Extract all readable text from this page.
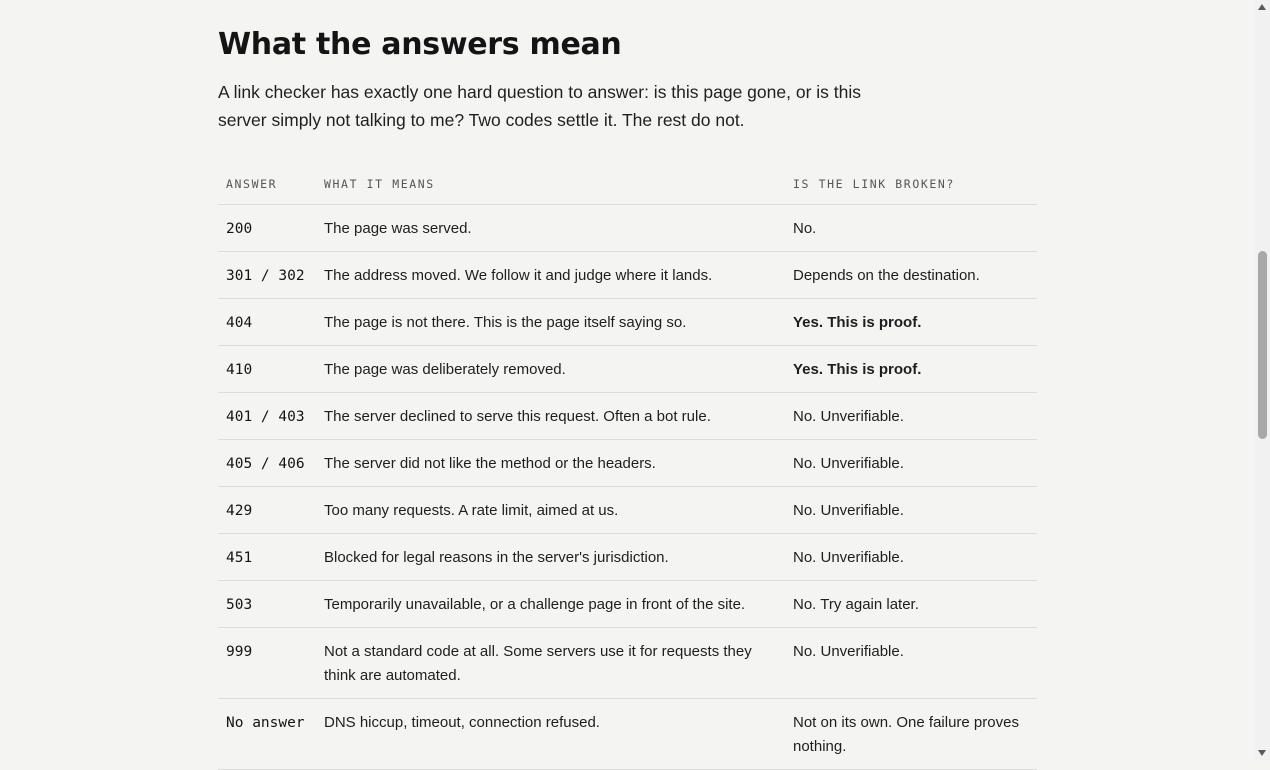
What the answers mean

A link checker has exactly one hard question to answer: is this page gone, or is this server simply not talking to me? Two codes settle it. The rest do not.

ANSWER	WHAT IT MEANS	IS THE LINK BROKEN?
200	The page was served.	No.
301 / 302	The address moved. We follow it and judge where it lands.	Depends on the destination.
404	The page is not there. This is the page itself saying so.	Yes. This is proof.
410	The page was deliberately removed.	Yes. This is proof.
401 / 403	The server declined to serve this request. Often a bot rule.	No. Unverifiable.
405 / 406	The server did not like the method or the headers.	No. Unverifiable.
429	Too many requests. A rate limit, aimed at us.	No. Unverifiable.
451	Blocked for legal reasons in the server's jurisdiction.	No. Unverifiable.
503	Temporarily unavailable, or a challenge page in front of the site.	No. Try again later.
999	Not a standard code at all. Some servers use it for requests they think are automated.	No. Unverifiable.
No answer	DNS hiccup, timeout, connection refused.	Not on its own. One failure proves nothing.
